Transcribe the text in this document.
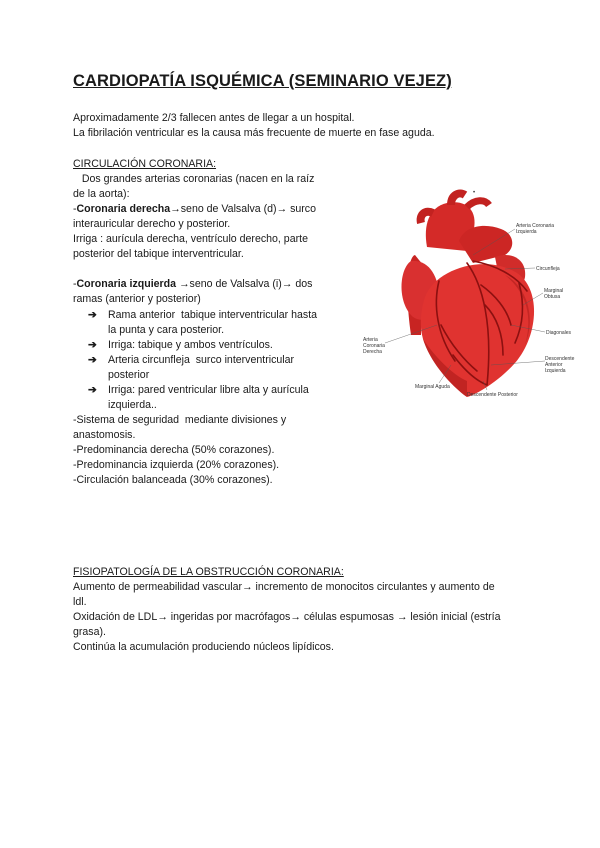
CARDIOPATÍA ISQUÉMICA (SEMINARIO VEJEZ)
Aproximadamente 2/3 fallecen antes de llegar a un hospital.
La fibrilación ventricular es la causa más frecuente de muerte en fase aguda.
CIRCULACIÓN CORONARIA:
Dos grandes arterias coronarias (nacen en la raíz
de la aorta):
-Coronaria derecha→seno de Valsalva (d)→ surco
interauricular derecho y posterior.
Irriga : aurícula derecha, ventrículo derecho, parte
posterior del tabique interventricular.
-Coronaria izquierda →seno de Valsalva (i)→ dos
ramas (anterior y posterior)
➔ Rama anterior  tabique interventricular hasta
la punta y cara posterior.
➔ Irriga: tabique y ambos ventrículos.
➔ Arteria circunfleja  surco interventricular
posterior
➔ Irriga: pared ventricular libre alta y aurícula
izquierda..
-Sistema de seguridad  mediante divisiones y
anastomosis.
-Predominancia derecha (50% corazones).
-Predominancia izquierda (20% corazones).
-Circulación balanceada (30% corazones).
•
Arteria Coronaria
Izquierda
Circunfleja
Marginal
Obtusa
Diagonales
Descendente
Anterior
Izquierda
Arteria
Coronaria
Derecha
Marginal Aguda
Descendente Posterior
FISIOPATOLOGÍA DE LA OBSTRUCCIÓN CORONARIA:
Aumento de permeabilidad vascular→ incremento de monocitos circulantes y aumento de
ldl.
Oxidación de LDL→ ingeridas por macrófagos→ células espumosas → lesión inicial (estría
grasa).
Continúa la acumulación produciendo núcleos lipídicos.
